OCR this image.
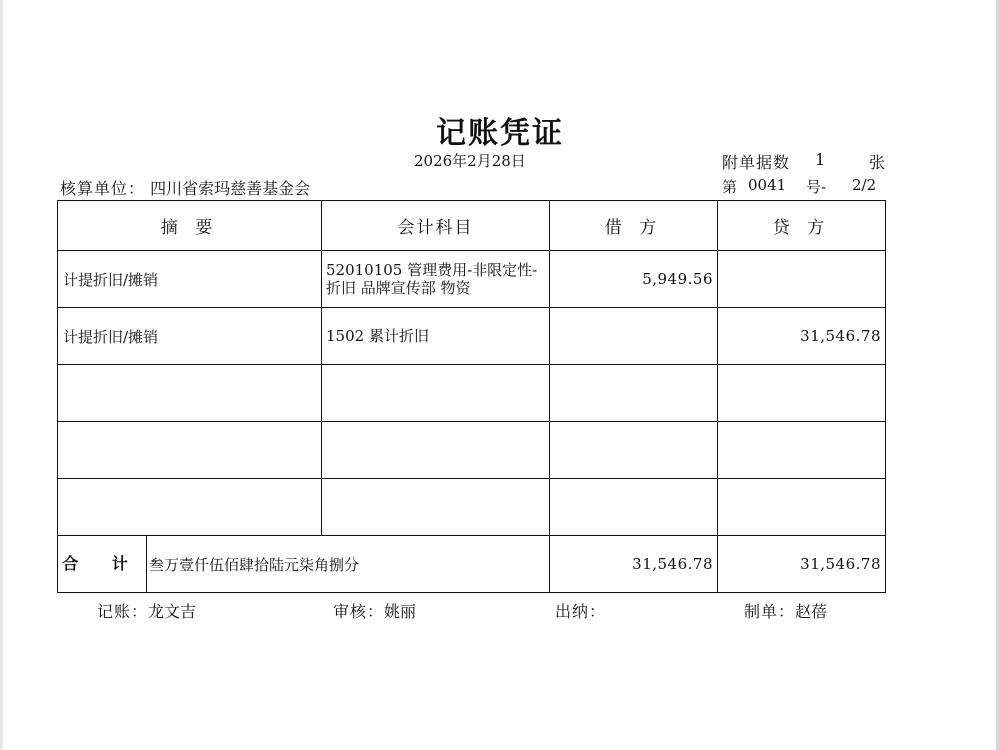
记账凭证
2026年2月28日	附单据数 1	张
核算单位： 四川省索玛慈善基金会	第 0041 号- 2/2
摘 要	会计科目	借 方	贷 方
计提折旧/摊销	52010105 管理费用-非限定性-折旧 品牌宣传部 物资	5,949.56	
计提折旧/摊销	1502 累计折旧		31,546.78

合 计 叁万壹仟伍佰肆拾陆元柒角捌分		31,546.78	31,546.78
记账：龙文吉	审核：姚丽	出纳：	制单：赵蓓
